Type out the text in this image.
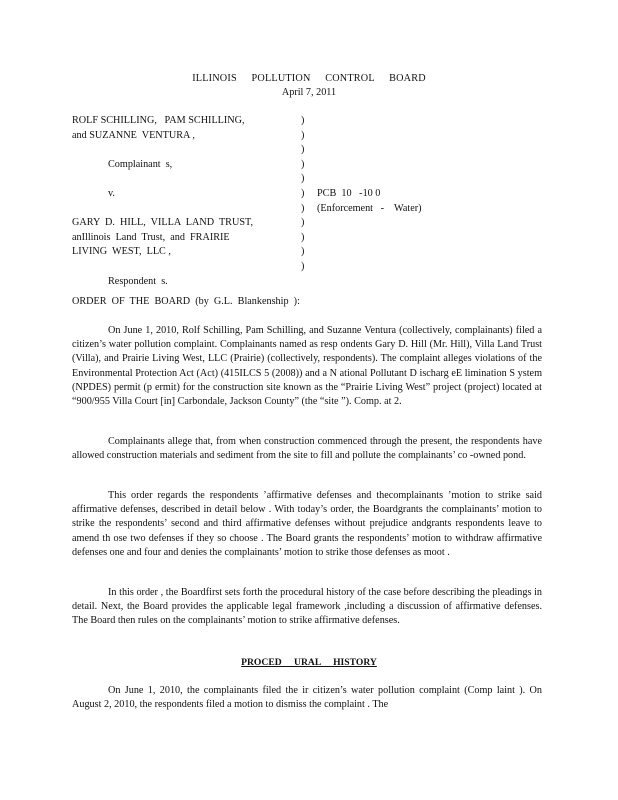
ILLINOIS POLLUTION CONTROL BOARD
April 7, 2011
ROLF SCHILLING,   PAM SCHILLING,
and SUZANNE  VENTURA ,
Complainant  s,
v.
GARY  D.  HILL,  VILLA  LAND  TRUST,
anIllinois  Land  Trust,  and  FRAIRIE
LIVING  WEST,  LLC ,
Respondent  s.
)
)
)
)
)
)
)
)
)
)
)
PCB  10   -10 0
(Enforcement   -    Water)
ORDER  OF  THE  BOARD  (by  G.L.  Blankenship  ):
On June 1, 2010, Rolf Schilling, Pam Schilling, and Suzanne Ventura (collectively, complainants) filed a citizen’s water pollution complaint. Complainants named as resp ondents Gary D. Hill (Mr. Hill), Villa Land Trust (Villa), and Prairie Living West, LLC (Prairie) (collectively, respondents). The complaint alleges violations of the Environmental Protection Act (Act) (415ILCS 5 (2008)) and a N ational Pollutant D ischarg eE limination S ystem (NPDES) permit (p ermit) for the construction site known as the “Prairie Living West” project (project) located at “900/955 Villa Court [in] Carbondale, Jackson County” (the “site ”). Comp. at 2.
Complainants allege that, from when construction commenced through the present, the respondents have allowed construction materials and sediment from the site to fill and pollute the complainants’ co -owned pond.
This order regards the respondents ’affirmative defenses and thecomplainants ’motion to strike said affirmative defenses, described in detail below . With today’s order, the Boardgrants the complainants’ motion to strike the respondents’ second and third affirmative defenses without prejudice andgrants respondents leave to amend th ose two defenses if they so choose . The Board grants the respondents’ motion to withdraw affirmative defenses one and four and denies the complainants’ motion to strike those defenses as moot .
In this order , the Boardfirst sets forth the procedural history of the case before describing the pleadings in detail. Next, the Board provides the applicable legal framework ,including a discussion of affirmative defenses. The Board then rules on the complainants’ motion to strike affirmative defenses.
PROCED URAL HISTORY
On June 1, 2010, the complainants filed the ir citizen’s water pollution complaint (Comp laint ). On August 2, 2010, the respondents filed a motion to dismiss the complaint . The
